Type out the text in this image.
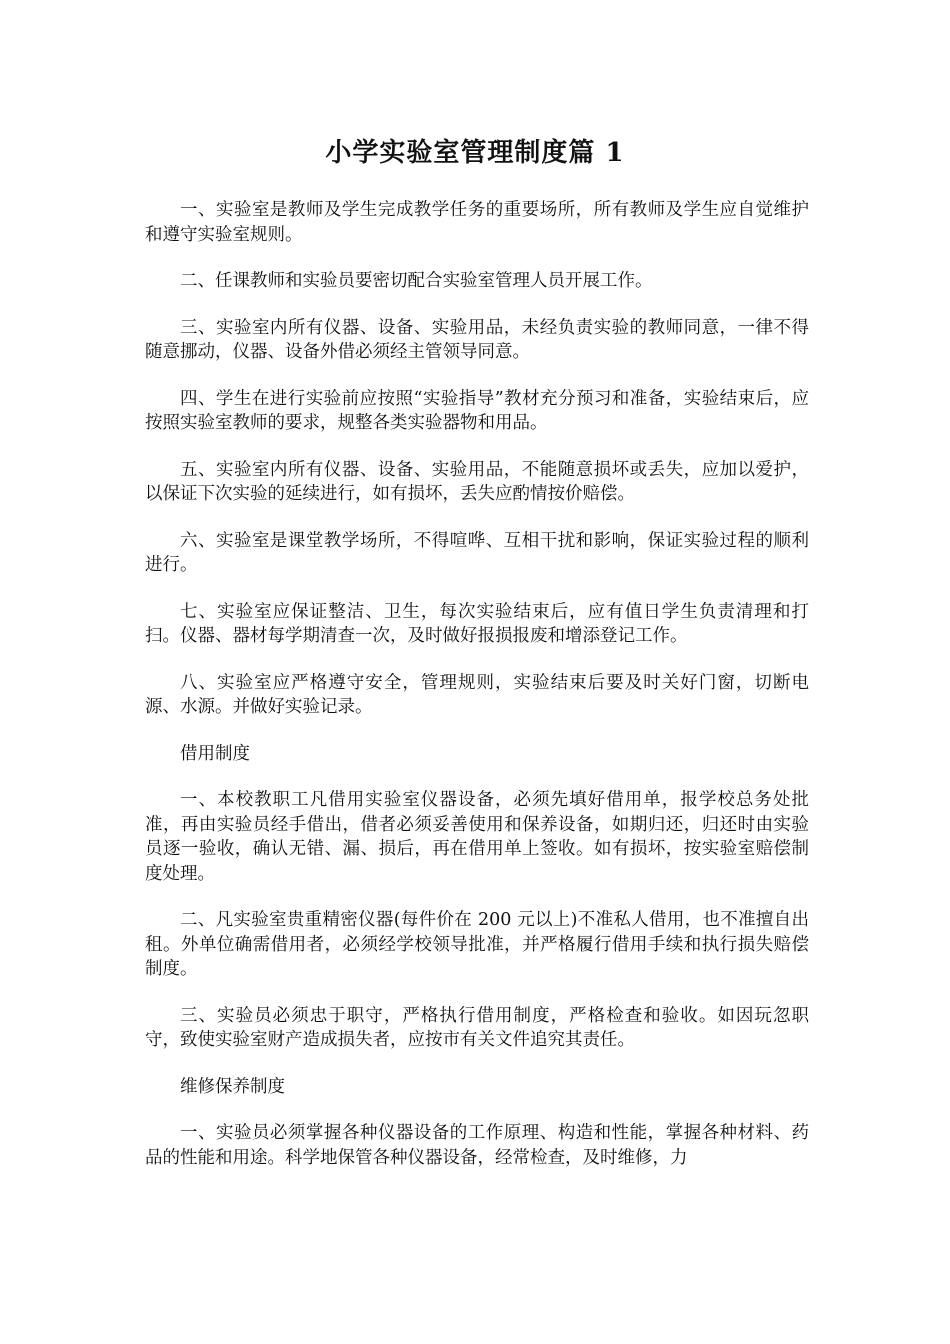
小学实验室管理制度篇 1

一、实验室是教师及学生完成教学任务的重要场所，所有教师及学生应自觉维护和遵守实验室规则。

二、任课教师和实验员要密切配合实验室管理人员开展工作。

三、实验室内所有仪器、设备、实验用品，未经负责实验的教师同意，一律不得随意挪动，仪器、设备外借必须经主管领导同意。

四、学生在进行实验前应按照“实验指导”教材充分预习和准备，实验结束后，应按照实验室教师的要求，规整各类实验器物和用品。

五、实验室内所有仪器、设备、实验用品，不能随意损坏或丢失，应加以爱护，以保证下次实验的延续进行，如有损坏，丢失应酌情按价赔偿。

六、实验室是课堂教学场所，不得喧哗、互相干扰和影响，保证实验过程的顺利进行。

七、实验室应保证整洁、卫生，每次实验结束后，应有值日学生负责清理和打扫。仪器、器材每学期清查一次，及时做好报损报废和增添登记工作。

八、实验室应严格遵守安全，管理规则，实验结束后要及时关好门窗，切断电源、水源。并做好实验记录。

借用制度

一、本校教职工凡借用实验室仪器设备，必须先填好借用单，报学校总务处批准，再由实验员经手借出，借者必须妥善使用和保养设备，如期归还，归还时由实验员逐一验收，确认无错、漏、损后，再在借用单上签收。如有损坏，按实验室赔偿制度处理。

二、凡实验室贵重精密仪器(每件价在 200 元以上)不准私人借用，也不准擅自出租。外单位确需借用者，必须经学校领导批准，并严格履行借用手续和执行损失赔偿制度。

三、实验员必须忠于职守，严格执行借用制度，严格检查和验收。如因玩忽职守，致使实验室财产造成损失者，应按市有关文件追究其责任。

维修保养制度

一、实验员必须掌握各种仪器设备的工作原理、构造和性能，掌握各种材料、药品的性能和用途。科学地保管各种仪器设备，经常检查，及时维修，力
